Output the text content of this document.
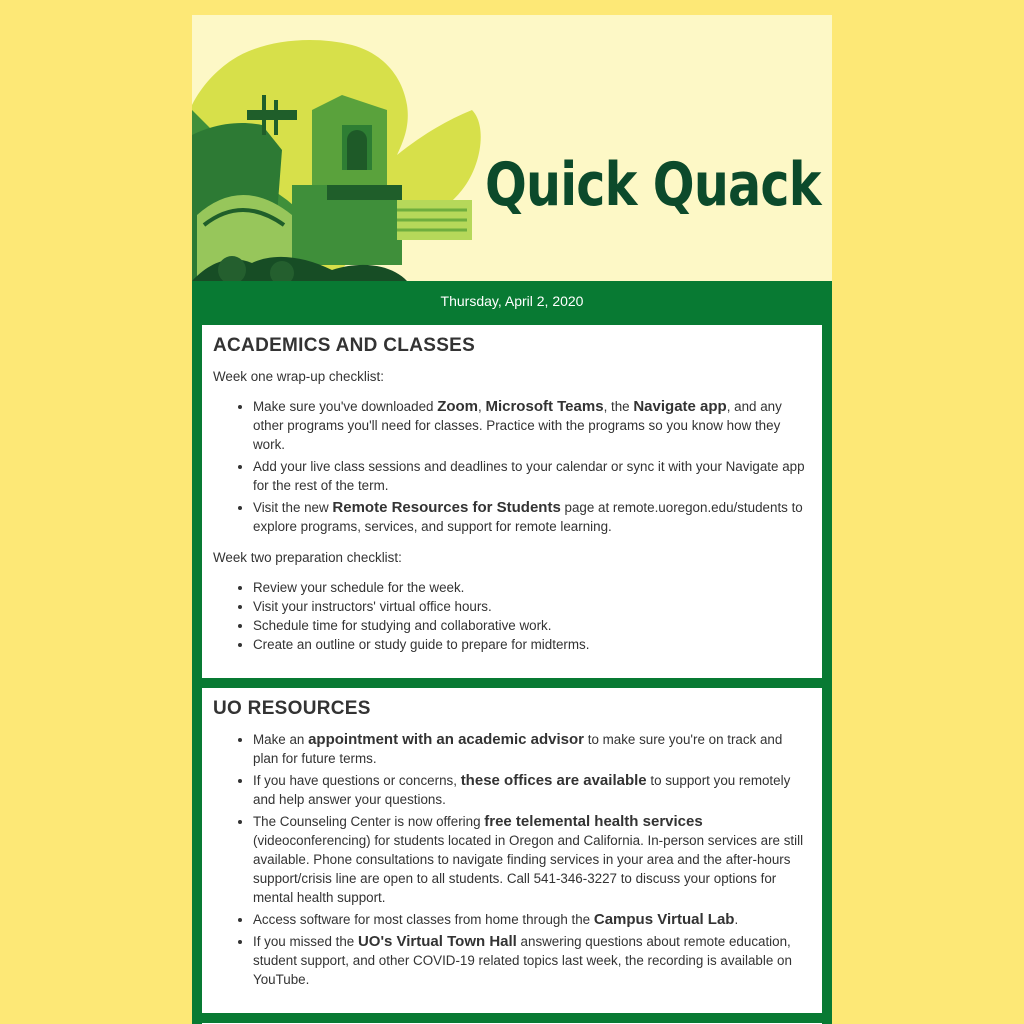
Quick Quack
Thursday, April 2, 2020
ACADEMICS AND CLASSES

Week one wrap-up checklist:

• Make sure you've downloaded Zoom, Microsoft Teams, the Navigate app, and any other programs you'll need for classes. Practice with the programs so you know how they work.
• Add your live class sessions and deadlines to your calendar or sync it with your Navigate app for the rest of the term.
• Visit the new Remote Resources for Students page at remote.uoregon.edu/students to explore programs, services, and support for remote learning.

Week two preparation checklist:

• Review your schedule for the week.
• Visit your instructors' virtual office hours.
• Schedule time for studying and collaborative work.
• Create an outline or study guide to prepare for midterms.
UO RESOURCES
• Make an appointment with an academic advisor to make sure you're on track and plan for future terms.
• If you have questions or concerns, these offices are available to support you remotely and help answer your questions.
• The Counseling Center is now offering free telemental health services (videoconferencing) for students located in Oregon and California. In-person services are still available. Phone consultations to navigate finding services in your area and the after-hours support/crisis line are open to all students. Call 541-346-3227 to discuss your options for mental health support.
• Access software for most classes from home through the Campus Virtual Lab.
• If you missed the UO's Virtual Town Hall answering questions about remote education, student support, and other COVID-19 related topics last week, the recording is available on YouTube.
